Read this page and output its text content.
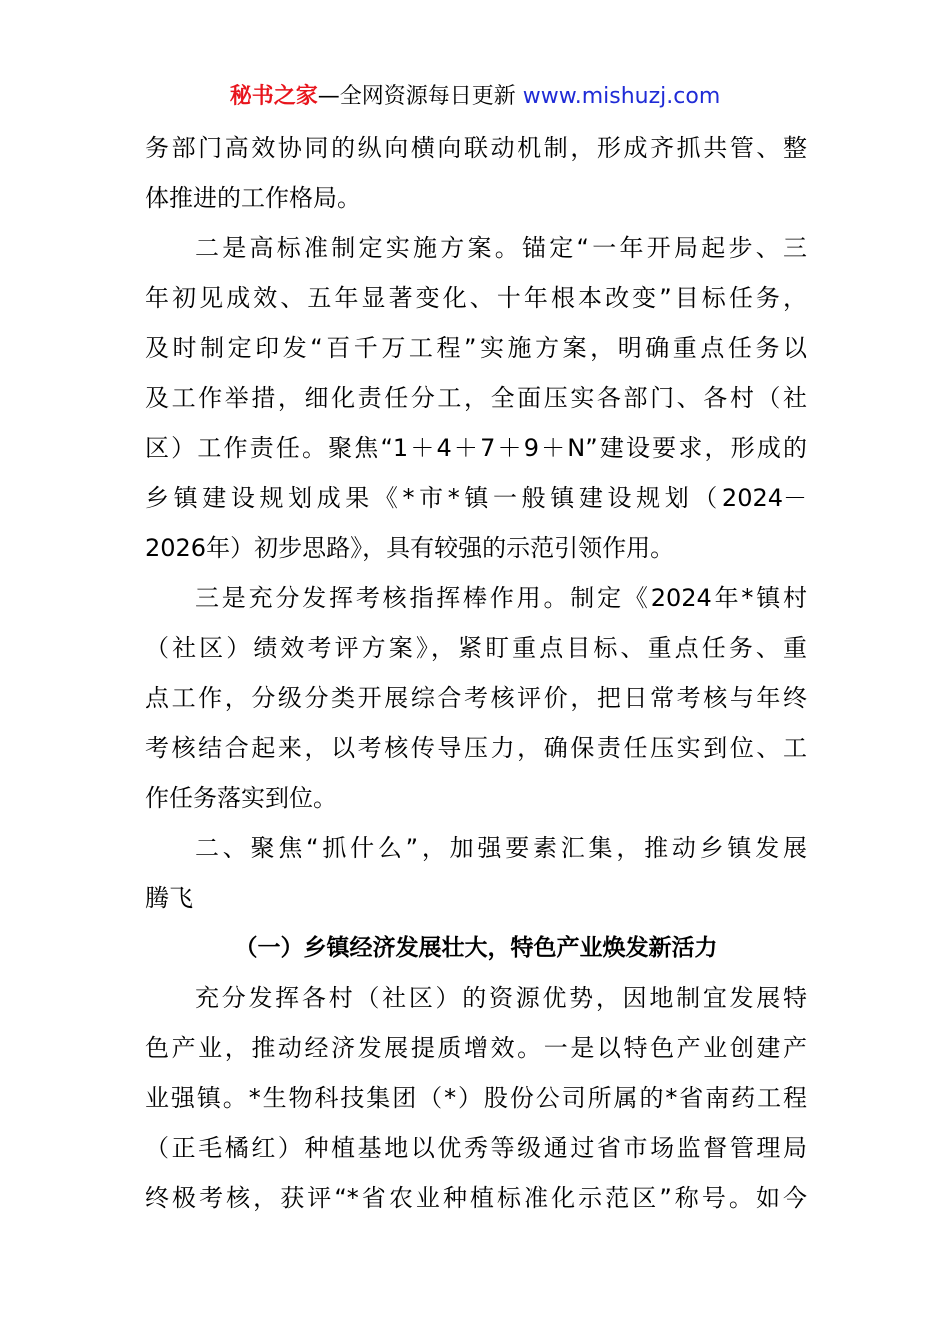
秘书之家—全网资源每日更新 www.mishuzj.com
务部门高效协同的纵向横向联动机制，形成齐抓共管、整
体推进的工作格局。
二是高标准制定实施方案。锚定“一年开局起步、三
年初见成效、五年显著变化、十年根本改变”目标任务，
及时制定印发“百千万工程”实施方案，明确重点任务以
及工作举措，细化责任分工，全面压实各部门、各村（社
区）工作责任。聚焦“1＋4＋7＋9＋N”建设要求，形成的
乡镇建设规划成果《*市*镇一般镇建设规划（2024－
2026年）初步思路》，具有较强的示范引领作用。
三是充分发挥考核指挥棒作用。制定《2024年*镇村
（社区）绩效考评方案》，紧盯重点目标、重点任务、重
点工作，分级分类开展综合考核评价，把日常考核与年终
考核结合起来，以考核传导压力，确保责任压实到位、工
作任务落实到位。
二、聚焦“抓什么”，加强要素汇集，推动乡镇发展
腾飞
（一）乡镇经济发展壮大，特色产业焕发新活力
充分发挥各村（社区）的资源优势，因地制宜发展特
色产业，推动经济发展提质增效。一是以特色产业创建产
业强镇。*生物科技集团（*）股份公司所属的*省南药工程
（正毛橘红）种植基地以优秀等级通过省市场监督管理局
终极考核，获评“*省农业种植标准化示范区”称号。如今
